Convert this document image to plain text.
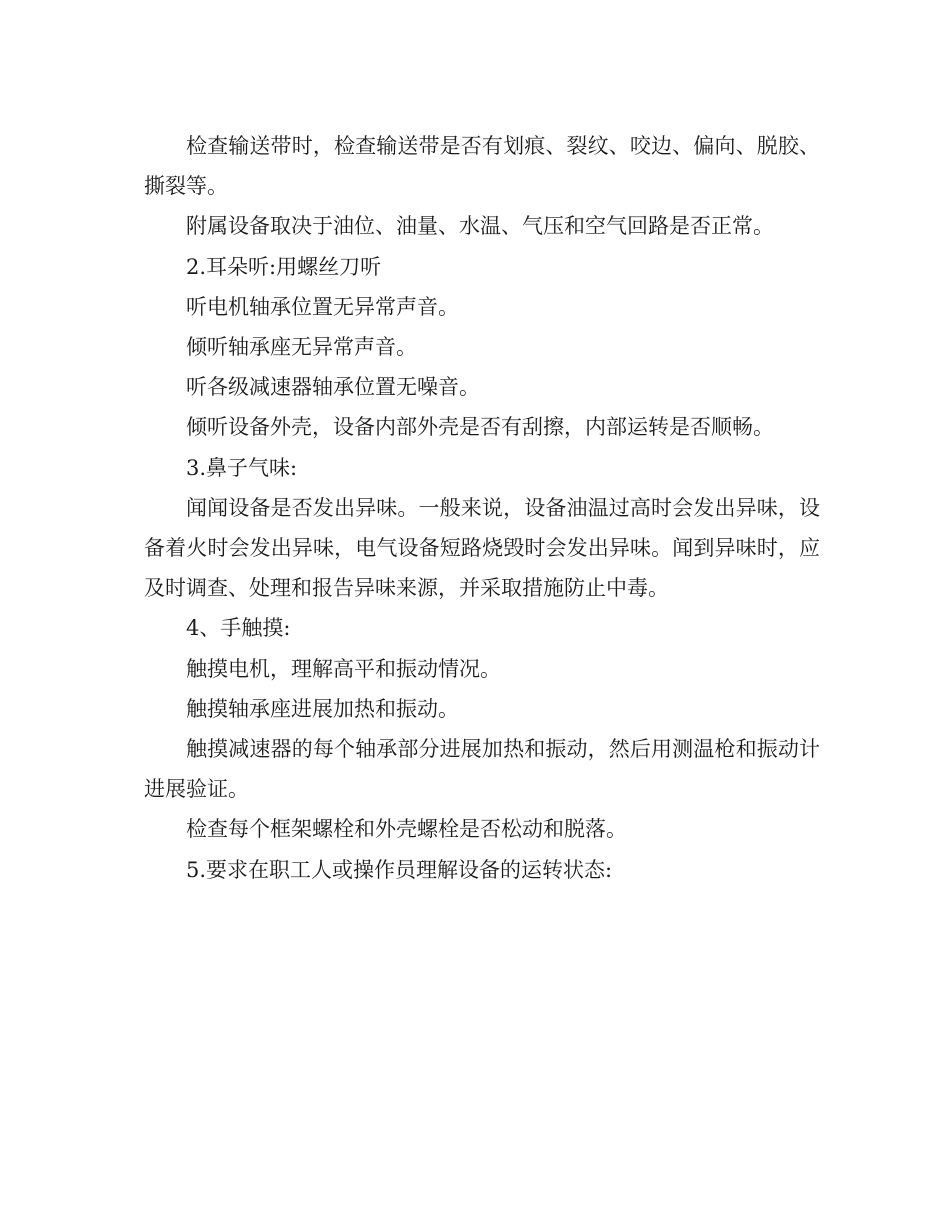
检查输送带时，检查输送带是否有划痕、裂纹、咬边、偏向、脱胶、撕裂等。

附属设备取决于油位、油量、水温、气压和空气回路是否正常。

2.耳朵听:用螺丝刀听

听电机轴承位置无异常声音。

倾听轴承座无异常声音。

听各级减速器轴承位置无噪音。

倾听设备外壳，设备内部外壳是否有刮擦，内部运转是否顺畅。

3.鼻子气味:

闻闻设备是否发出异味。一般来说，设备油温过高时会发出异味，设备着火时会发出异味，电气设备短路烧毁时会发出异味。闻到异味时，应及时调查、处理和报告异味来源，并采取措施防止中毒。

4、手触摸:

触摸电机，理解高平和振动情况。

触摸轴承座进展加热和振动。

触摸减速器的每个轴承部分进展加热和振动，然后用测温枪和振动计进展验证。

检查每个框架螺栓和外壳螺栓是否松动和脱落。

5.要求在职工人或操作员理解设备的运转状态:
